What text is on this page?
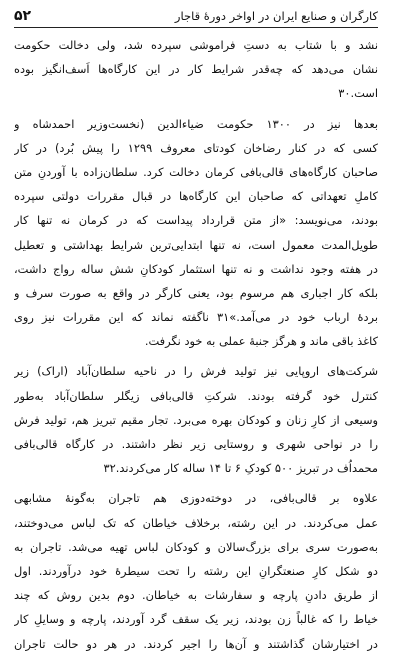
۵۲	کارگران و صنایع ایران در اواخر دورهٔ قاجار
نشد و با شتاب به دستِ فراموشی سپرده شد، ولی دخالت حکومت
نشان می‌دهد که چه‌قدر شرایط کار در این کارگاه‌ها اَسف‌انگیز بوده
است.۳۰
بعدها نیز در ۱۳۰۰ حکومت ضیاءالدین (نخست‌وزیر احمدشاه و
کسی که در کنار رضاخان کودتای معروف ۱۲۹۹ را پیش بُرد) در کار
صاحبان کارگاه‌های قالی‌بافی کرمان دخالت کرد. سلطان‌زاده با آوردنِ متن
کاملِ تعهداتی که صاحبان این کارگاه‌ها در قبال مقررات دولتی سپرده
بودند، می‌نویسد: «از متن قرارداد پیداست که در کرمان نه تنها کار
طویل‌المدت معمول است، نه تنها ابتدایی‌ترین شرایط بهداشتی و تعطیل
در هفته وجود نداشت و نه تنها استثمار کودکانِ شش ساله رواج داشت،
بلکه کار اجباری هم مرسوم بود، یعنی کارگر در واقع به صورت سرف و
بردهٔ ارباب خود در می‌آمد.»۳۱ ناگفته نماند که این مقررات نیز روی
کاغذ باقی ماند و هرگز جنبهٔ عملی به خود نگرفت.
شرکت‌های اروپایی نیز تولید فرش را در ناحیه سلطان‌آباد (اراک) زیر
کنترل خود گرفته بودند. شرکتِ قالی‌بافی زیگلر سلطان‌آباد به‌طور
وسیعی از کارِ زنان و کودکان بهره می‌برد. تجار مقیم تبریز هم، تولید فرش
را در نواحی شهری و روستایی زیر نظر داشتند. در کارگاه قالی‌بافی
محمداُف در تبریز ۵۰۰ کودکِ ۶ تا ۱۴ ساله کار می‌کردند.۳۲
علاوه بر قالی‌بافی، در دوخته‌دوزی هم تاجران به‌گونهٔ مشابهی
عمل می‌کردند. در این رشته، برخلاف خیاطان که تک لباس می‌دوختند،
به‌صورت سری برای بزرگ‌سالان و کودکان لباس تهیه می‌شد. تاجران به
دو شکل کارِ صنعتگرانِ این رشته را تحت سیطرهٔ خود درآوردند. اول
از طریق دادنِ پارچه و سفارشات به خیاطان. دوم بدین روش که چند
خیاط را که غالباً زن بودند، زیر یک سقف گرد آوردند، پارچه و وسایلِ کار
در اختیارشان گذاشتند و آن‌ها را اجیر کردند. در هر دو حالت تاجران
